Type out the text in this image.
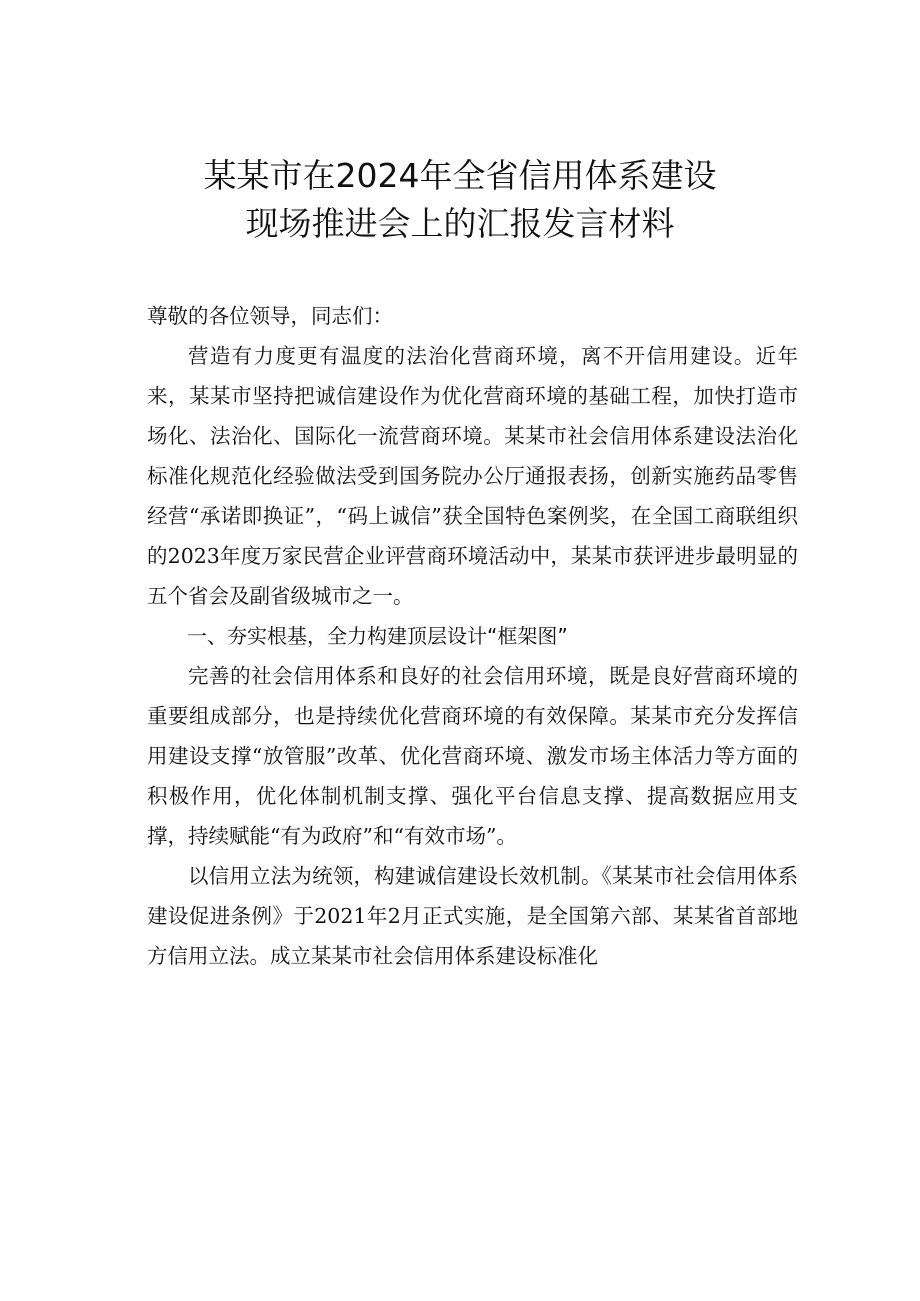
某某市在2024年全省信用体系建设
现场推进会上的汇报发言材料

尊敬的各位领导，同志们：

营造有力度更有温度的法治化营商环境，离不开信用建设。近年来，某某市坚持把诚信建设作为优化营商环境的基础工程，加快打造市场化、法治化、国际化一流营商环境。某某市社会信用体系建设法治化标准化规范化经验做法受到国务院办公厅通报表扬，创新实施药品零售经营“承诺即换证”，“码上诚信”获全国特色案例奖，在全国工商联组织的2023年度万家民营企业评营商环境活动中，某某市获评进步最明显的五个省会及副省级城市之一。

一、夯实根基，全力构建顶层设计“框架图”

完善的社会信用体系和良好的社会信用环境，既是良好营商环境的重要组成部分，也是持续优化营商环境的有效保障。某某市充分发挥信用建设支撑“放管服”改革、优化营商环境、激发市场主体活力等方面的积极作用，优化体制机制支撑、强化平台信息支撑、提高数据应用支撑，持续赋能“有为政府”和“有效市场”。

以信用立法为统领，构建诚信建设长效机制。《某某市社会信用体系建设促进条例》于2021年2月正式实施，是全国第六部、某某省首部地方信用立法。成立某某市社会信用体系建设标准化
